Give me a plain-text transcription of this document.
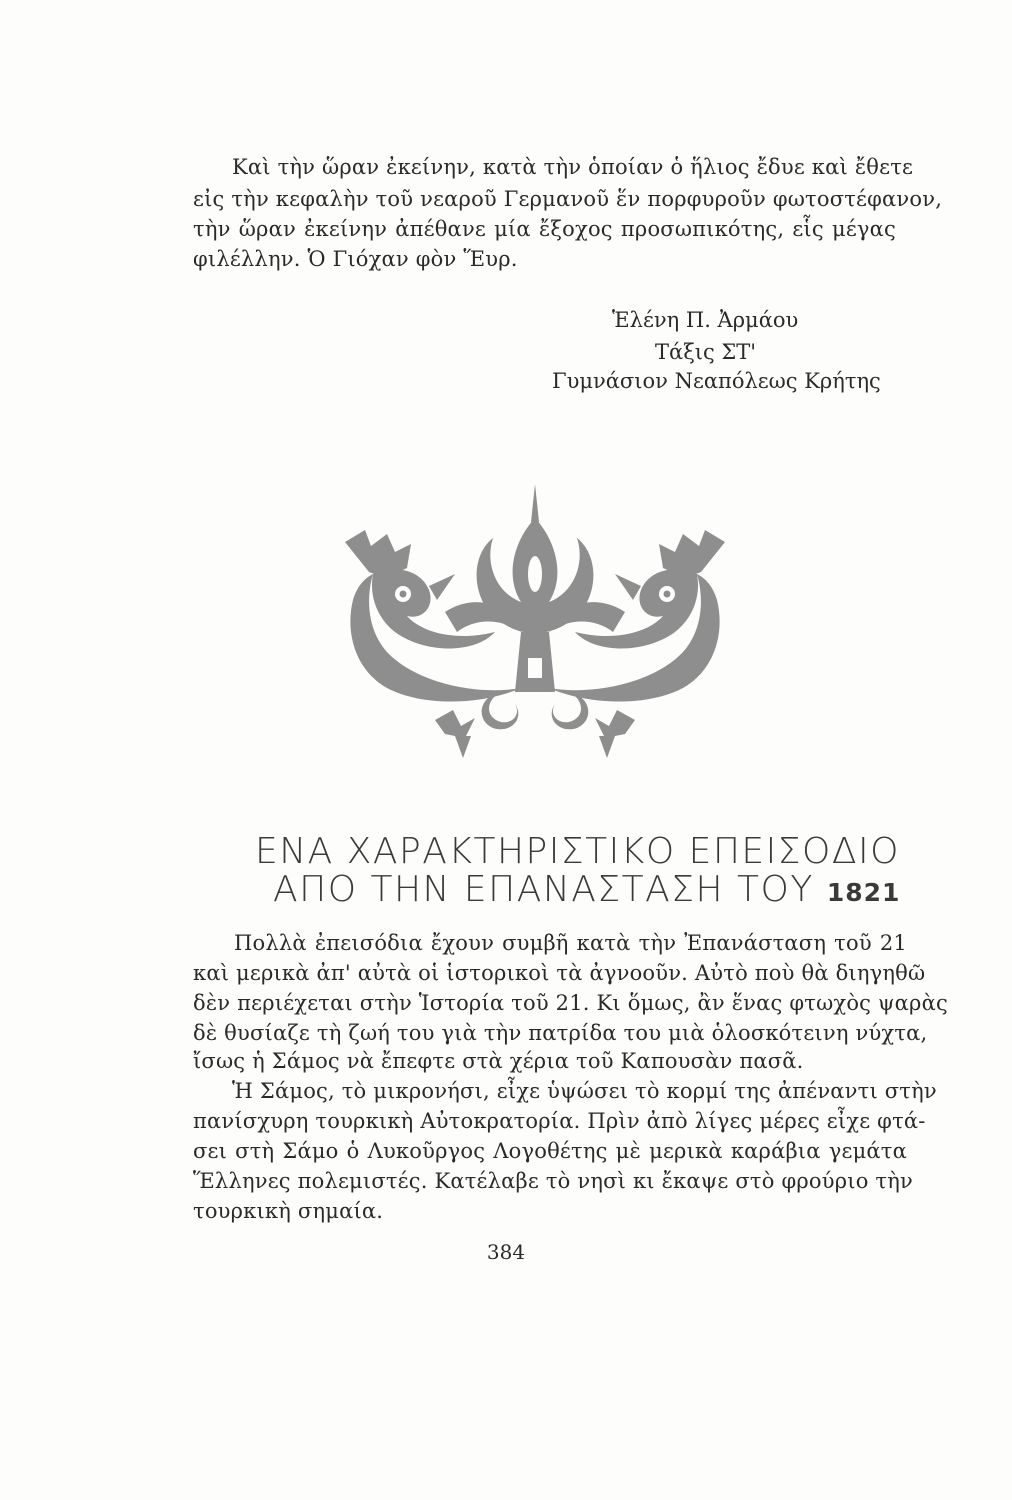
Καὶ τὴν ὥραν ἐκείνην, κατὰ τὴν ὁποίαν ὁ ἥλιος ἔδυε καὶ ἔθετε
εἰς τὴν κεφαλὴν τοῦ νεαροῦ Γερμανοῦ ἕν πορφυροῦν φωτοστέφανον,
τὴν ὥραν ἐκείνην ἀπέθανε μία ἔξοχος προσωπικότης, εἷς μέγας
φιλέλλην. Ὁ Γιόχαν φὸν Ἕυρ.
Ἑλένη Π. Ἀρμάου
Τάξις ΣΤ'
Γυμνάσιον Νεαπόλεως Κρήτης
ΕΝΑ ΧΑΡΑΚΤΗΡΙΣΤΙΚΟ ΕΠΕΙΣΟΔΙΟ
ΑΠΟ ΤΗΝ ΕΠΑΝΑΣΤΑΣΗ ΤΟΥ 1821
Πολλὰ ἐπεισόδια ἔχουν συμβῆ κατὰ τὴν Ἐπανάσταση τοῦ 21
καὶ μερικὰ ἀπ' αὐτὰ οἱ ἱστορικοὶ τὰ ἀγνοοῦν. Αὐτὸ ποὺ θὰ διηγηθῶ
δὲν περιέχεται στὴν Ἱστορία τοῦ 21. Κι ὅμως, ἂν ἕνας φτωχὸς ψαρὰς
δὲ θυσίαζε τὴ ζωή του γιὰ τὴν πατρίδα του μιὰ ὁλοσκότεινη νύχτα,
ἴσως ἡ Σάμος νὰ ἔπεφτε στὰ χέρια τοῦ Καπουσὰν πασᾶ.
Ἡ Σάμος, τὸ μικρονήσι, εἶχε ὑψώσει τὸ κορμί της ἀπέναντι στὴν
πανίσχυρη τουρκικὴ Αὐτοκρατορία. Πρὶν ἀπὸ λίγες μέρες εἶχε φτά-
σει στὴ Σάμο ὁ Λυκοῦργος Λογοθέτης μὲ μερικὰ καράβια γεμάτα
Ἕλληνες πολεμιστές. Κατέλαβε τὸ νησὶ κι ἔκαψε στὸ φρούριο τὴν
τουρκικὴ σημαία.
384
